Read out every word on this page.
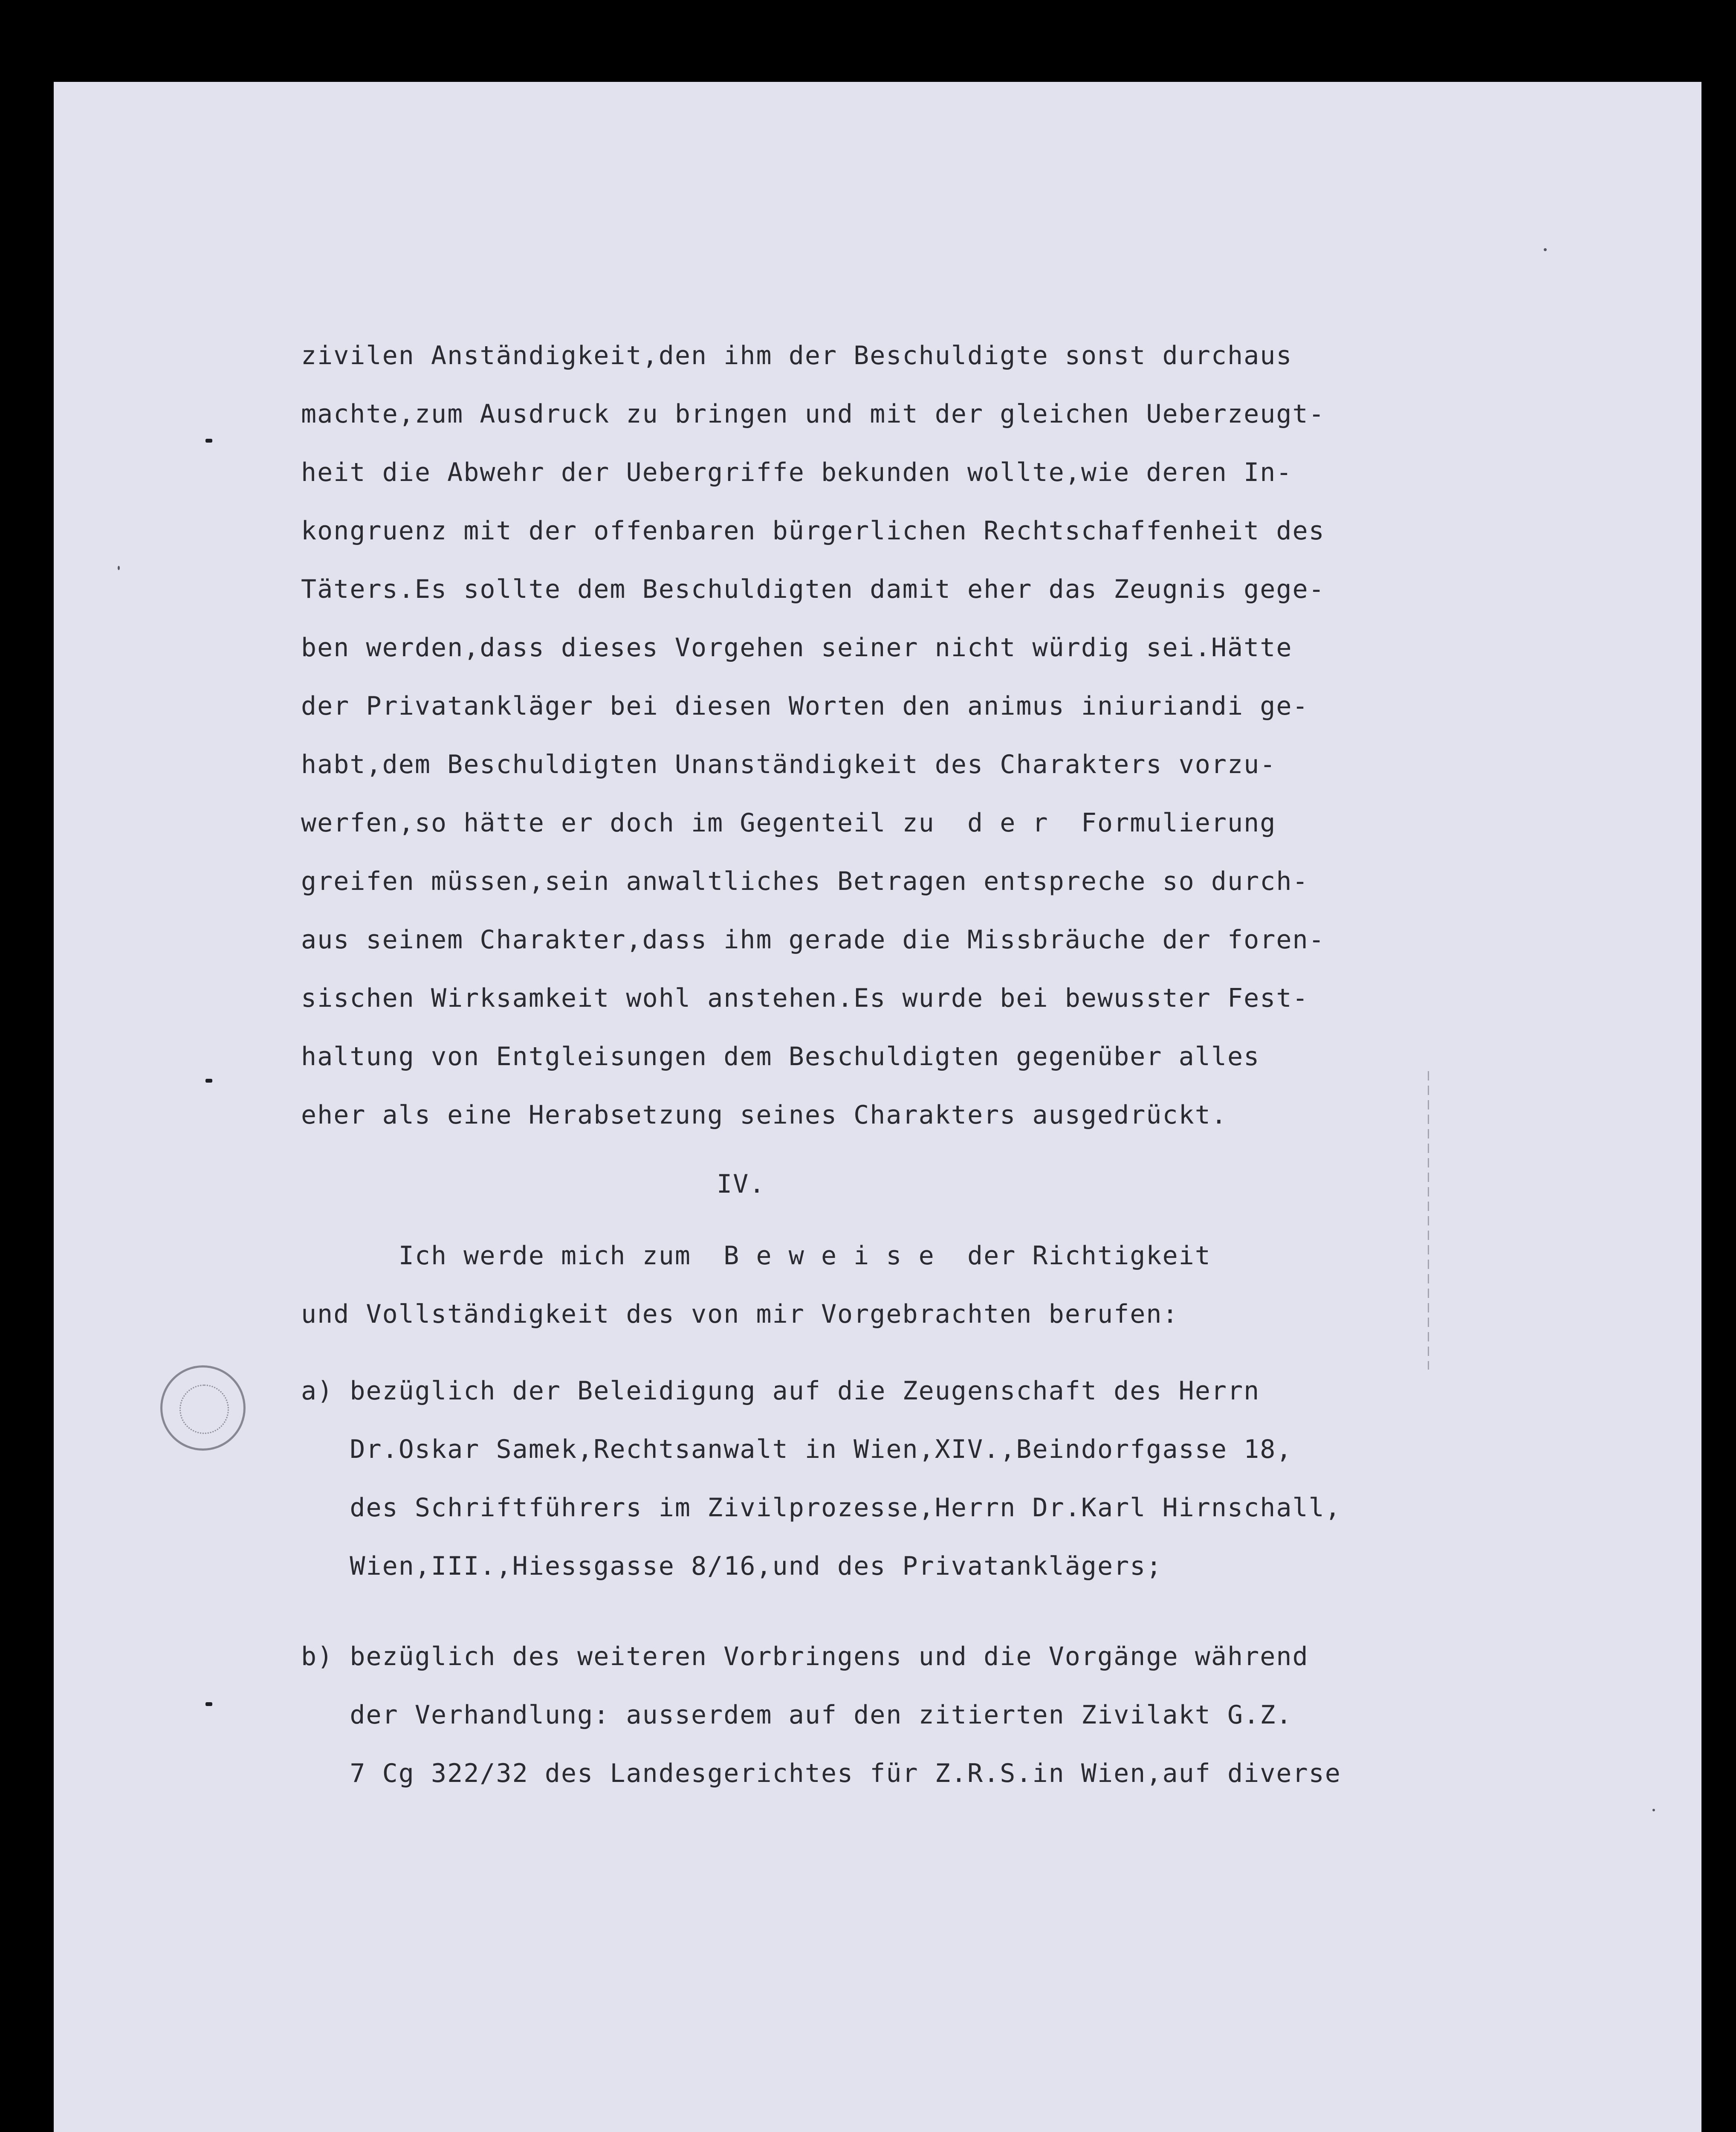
zivilen Anständigkeit,den ihm der Beschuldigte sonst durchaus

machte,zum Ausdruck zu bringen und mit der gleichen Ueberzeugt-

heit die Abwehr der Uebergriffe bekunden wollte,wie deren In-

kongruenz mit der offenbaren bürgerlichen Rechtschaffenheit des

Täters.Es sollte dem Beschuldigten damit eher das Zeugnis gege-

ben werden,dass dieses Vorgehen seiner nicht würdig sei.Hätte

der Privatankläger bei diesen Worten den animus iniuriandi ge-

habt,dem Beschuldigten Unanständigkeit des Charakters vorzu-

werfen,so hätte er doch im Gegenteil zu  d e r  Formulierung

greifen müssen,sein anwaltliches Betragen entspreche so durch-

aus seinem Charakter,dass ihm gerade die Missbräuche der foren-

sischen Wirksamkeit wohl anstehen.Es wurde bei bewusster Fest-

haltung von Entgleisungen dem Beschuldigten gegenüber alles

eher als eine Herabsetzung seines Charakters ausgedrückt.

IV.

Ich werde mich zum  B e w e i s e  der Richtigkeit

und Vollständigkeit des von mir Vorgebrachten berufen:

a) bezüglich der Beleidigung auf die Zeugenschaft des Herrn

Dr.Oskar Samek,Rechtsanwalt in Wien,XIV.,Beindorfgasse 18,

des Schriftführers im Zivilprozesse,Herrn Dr.Karl Hirnschall,

Wien,III.,Hiessgasse 8/16,und des Privatanklägers;

b) bezüglich des weiteren Vorbringens und die Vorgänge während

der Verhandlung: ausserdem auf den zitierten Zivilakt G.Z.

7 Cg 322/32 des Landesgerichtes für Z.R.S.in Wien,auf diverse
